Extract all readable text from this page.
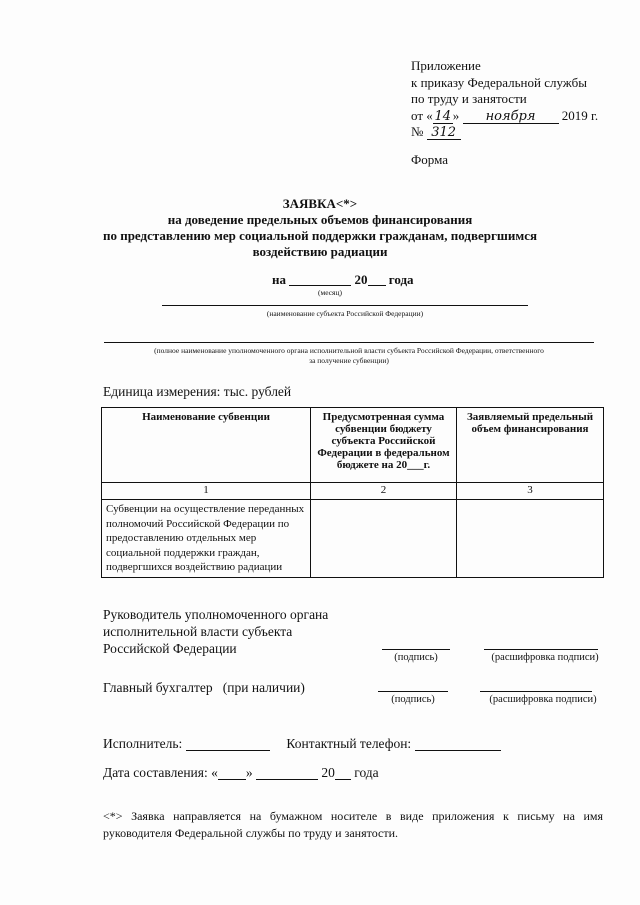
Приложение
к приказу Федеральной службы
по труду и занятости
от « 14 » ноября 2019 г.
№ 312
Форма
ЗАЯВКА<*>
на доведение предельных объемов финансирования
по представлению мер социальной поддержки гражданам, подвергшимся
воздействию радиации
на	20 года
(месяц)
(наименование субъекта Российской Федерации)
(полное наименование уполномоченного органа исполнительной власти субъекта Российской Федерации, ответственного
за получение субвенции)
Единица измерения: тыс. рублей
Наименование субвенции	Предусмотренная сумма субвенции бюджету субъекта Российской Федерации в федеральном бюджете на 20___г.	Заявляемый предельный объем финансирования
1	2	3
Субвенции на осуществление переданных полномочий Российской Федерации по предоставлению отдельных мер социальной поддержки граждан, подвергшихся воздействию радиации		
Руководитель уполномоченного органа
исполнительной власти субъекта
Российской Федерации
(подпись)	(расшифровка подписи)
Главный бухгалтер   (при наличии)
(подпись)	(расшифровка подписи)
Исполнитель:	Контактный телефон:
Дата составления: « »	20 года
<*> Заявка направляется на бумажном носителе в виде приложения к письму на имя руководителя Федеральной службы по труду и занятости.
